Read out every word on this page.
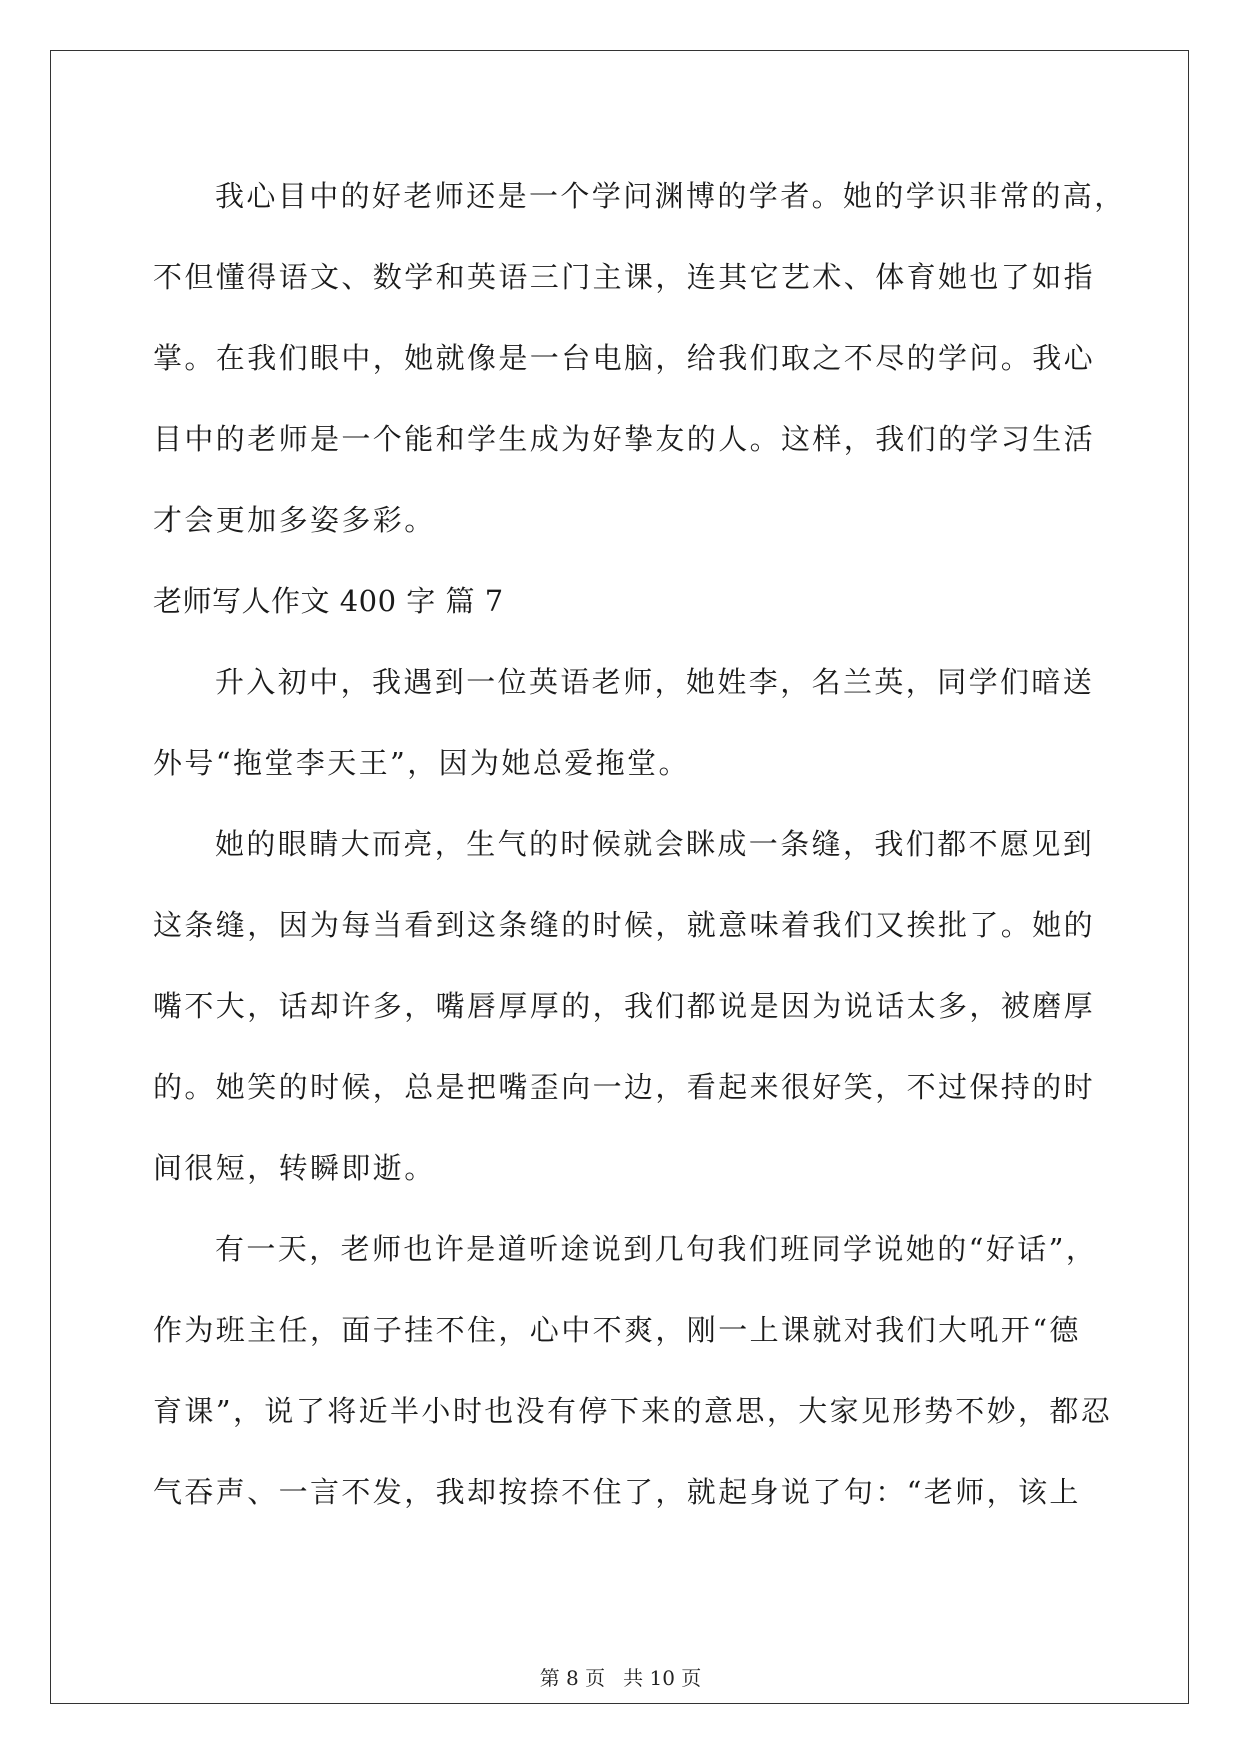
我心目中的好老师还是一个学问渊博的学者。她的学识非常的高，
不但懂得语文、数学和英语三门主课，连其它艺术、体育她也了如指
掌。在我们眼中，她就像是一台电脑，给我们取之不尽的学问。我心
目中的老师是一个能和学生成为好挚友的人。这样，我们的学习生活
才会更加多姿多彩。
老师写人作文 400 字 篇 7
升入初中，我遇到一位英语老师，她姓李，名兰英，同学们暗送
外号“拖堂李天王”，因为她总爱拖堂。
她的眼睛大而亮，生气的时候就会眯成一条缝，我们都不愿见到
这条缝，因为每当看到这条缝的时候，就意味着我们又挨批了。她的
嘴不大，话却许多，嘴唇厚厚的，我们都说是因为说话太多，被磨厚
的。她笑的时候，总是把嘴歪向一边，看起来很好笑，不过保持的时
间很短，转瞬即逝。
有一天，老师也许是道听途说到几句我们班同学说她的“好话”，
作为班主任，面子挂不住，心中不爽，刚一上课就对我们大吼开“德
育课”，说了将近半小时也没有停下来的意思，大家见形势不妙，都忍
气吞声、一言不发，我却按捺不住了，就起身说了句：“老师，该上
第 8 页 共 10 页
